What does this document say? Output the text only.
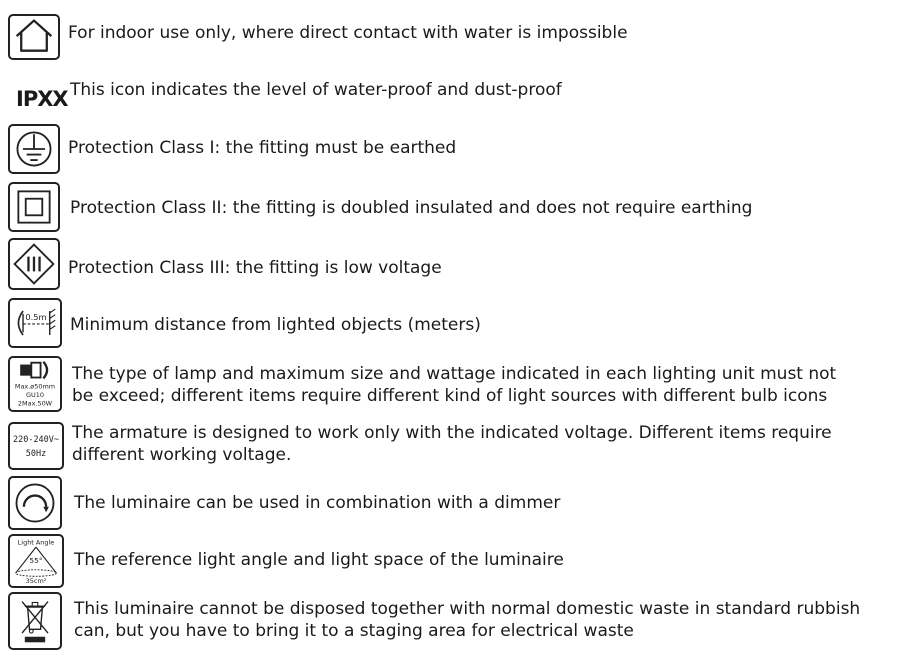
For indoor use only, where direct contact with water is impossible
IPXX This icon indicates the level of water-proof and dust-proof
Protection Class I: the fitting must be earthed
Protection Class II: the fitting is doubled insulated and does not require earthing
Protection Class III: the fitting is low voltage
0.5m Minimum distance from lighted objects (meters)
Max.ø50mm
GU10
2Max.50W
The type of lamp and maximum size and wattage indicated in each lighting unit must not
be exceed; different items require different kind of light sources with different bulb icons
220-240V~
50Hz
The armature is designed to work only with the indicated voltage. Different items require
different working voltage.
The luminaire can be used in combination with a dimmer
Light Angle
55°
35cm²
The reference light angle and light space of the luminaire
This luminaire cannot be disposed together with normal domestic waste in standard rubbish
can, but you have to bring it to a staging area for electrical waste
